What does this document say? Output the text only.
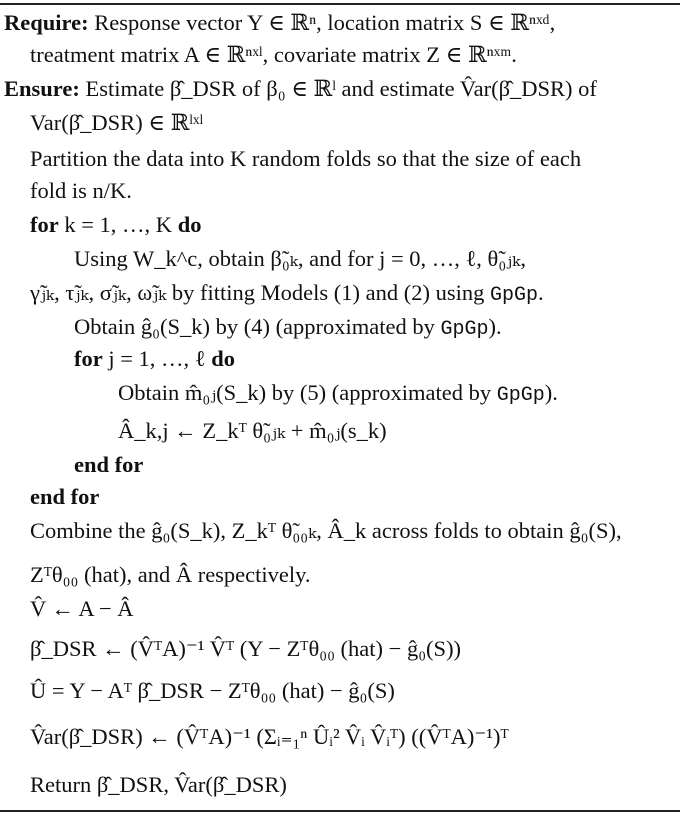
Require: Response vector Y ∈ ℝⁿ, location matrix S ∈ ℝⁿˣᵈ,
treatment matrix A ∈ ℝⁿˣˡ, covariate matrix Z ∈ ℝⁿˣᵐ.
Ensure: Estimate β̂_DSR of β₀ ∈ ℝˡ and estimate V̂ar(β̂_DSR) of
Var(β̂_DSR) ∈ ℝˡˣˡ
Partition the data into K random folds so that the size of each
fold is n/K.
for k = 1, …, K do
Using W_k^c, obtain β̃₀ₖ, and for j = 0, …, ℓ, θ̃₀ⱼₖ,
γ̃ⱼₖ, τ̃ⱼₖ, σ̃ⱼₖ, ω̃ⱼₖ by fitting Models (1) and (2) using GpGp.
Obtain ĝ₀(S_k) by (4) (approximated by GpGp).
for j = 1, …, ℓ do
Obtain m̂₀ⱼ(S_k) by (5) (approximated by GpGp).
Â_k,j ← Z_kᵀ θ̃₀ⱼₖ + m̂₀ⱼ(s_k)
end for
end for
Combine the ĝ₀(S_k), Z_kᵀ θ̃₀₀ₖ, Â_k across folds to obtain ĝ₀(S),
Zᵀθ₀₀ (hat), and Â respectively.
V̂ ← A − Â
β̂_DSR ← (V̂ᵀA)⁻¹ V̂ᵀ (Y − Zᵀθ₀₀ (hat) − ĝ₀(S))
Û = Y − Aᵀ β̂_DSR − Zᵀθ₀₀ (hat) − ĝ₀(S)
V̂ar(β̂_DSR) ← (V̂ᵀA)⁻¹ (Σᵢ₌₁ⁿ Ûᵢ² V̂ᵢ V̂ᵢᵀ) ((V̂ᵀA)⁻¹)ᵀ
Return β̂_DSR, V̂ar(β̂_DSR)
